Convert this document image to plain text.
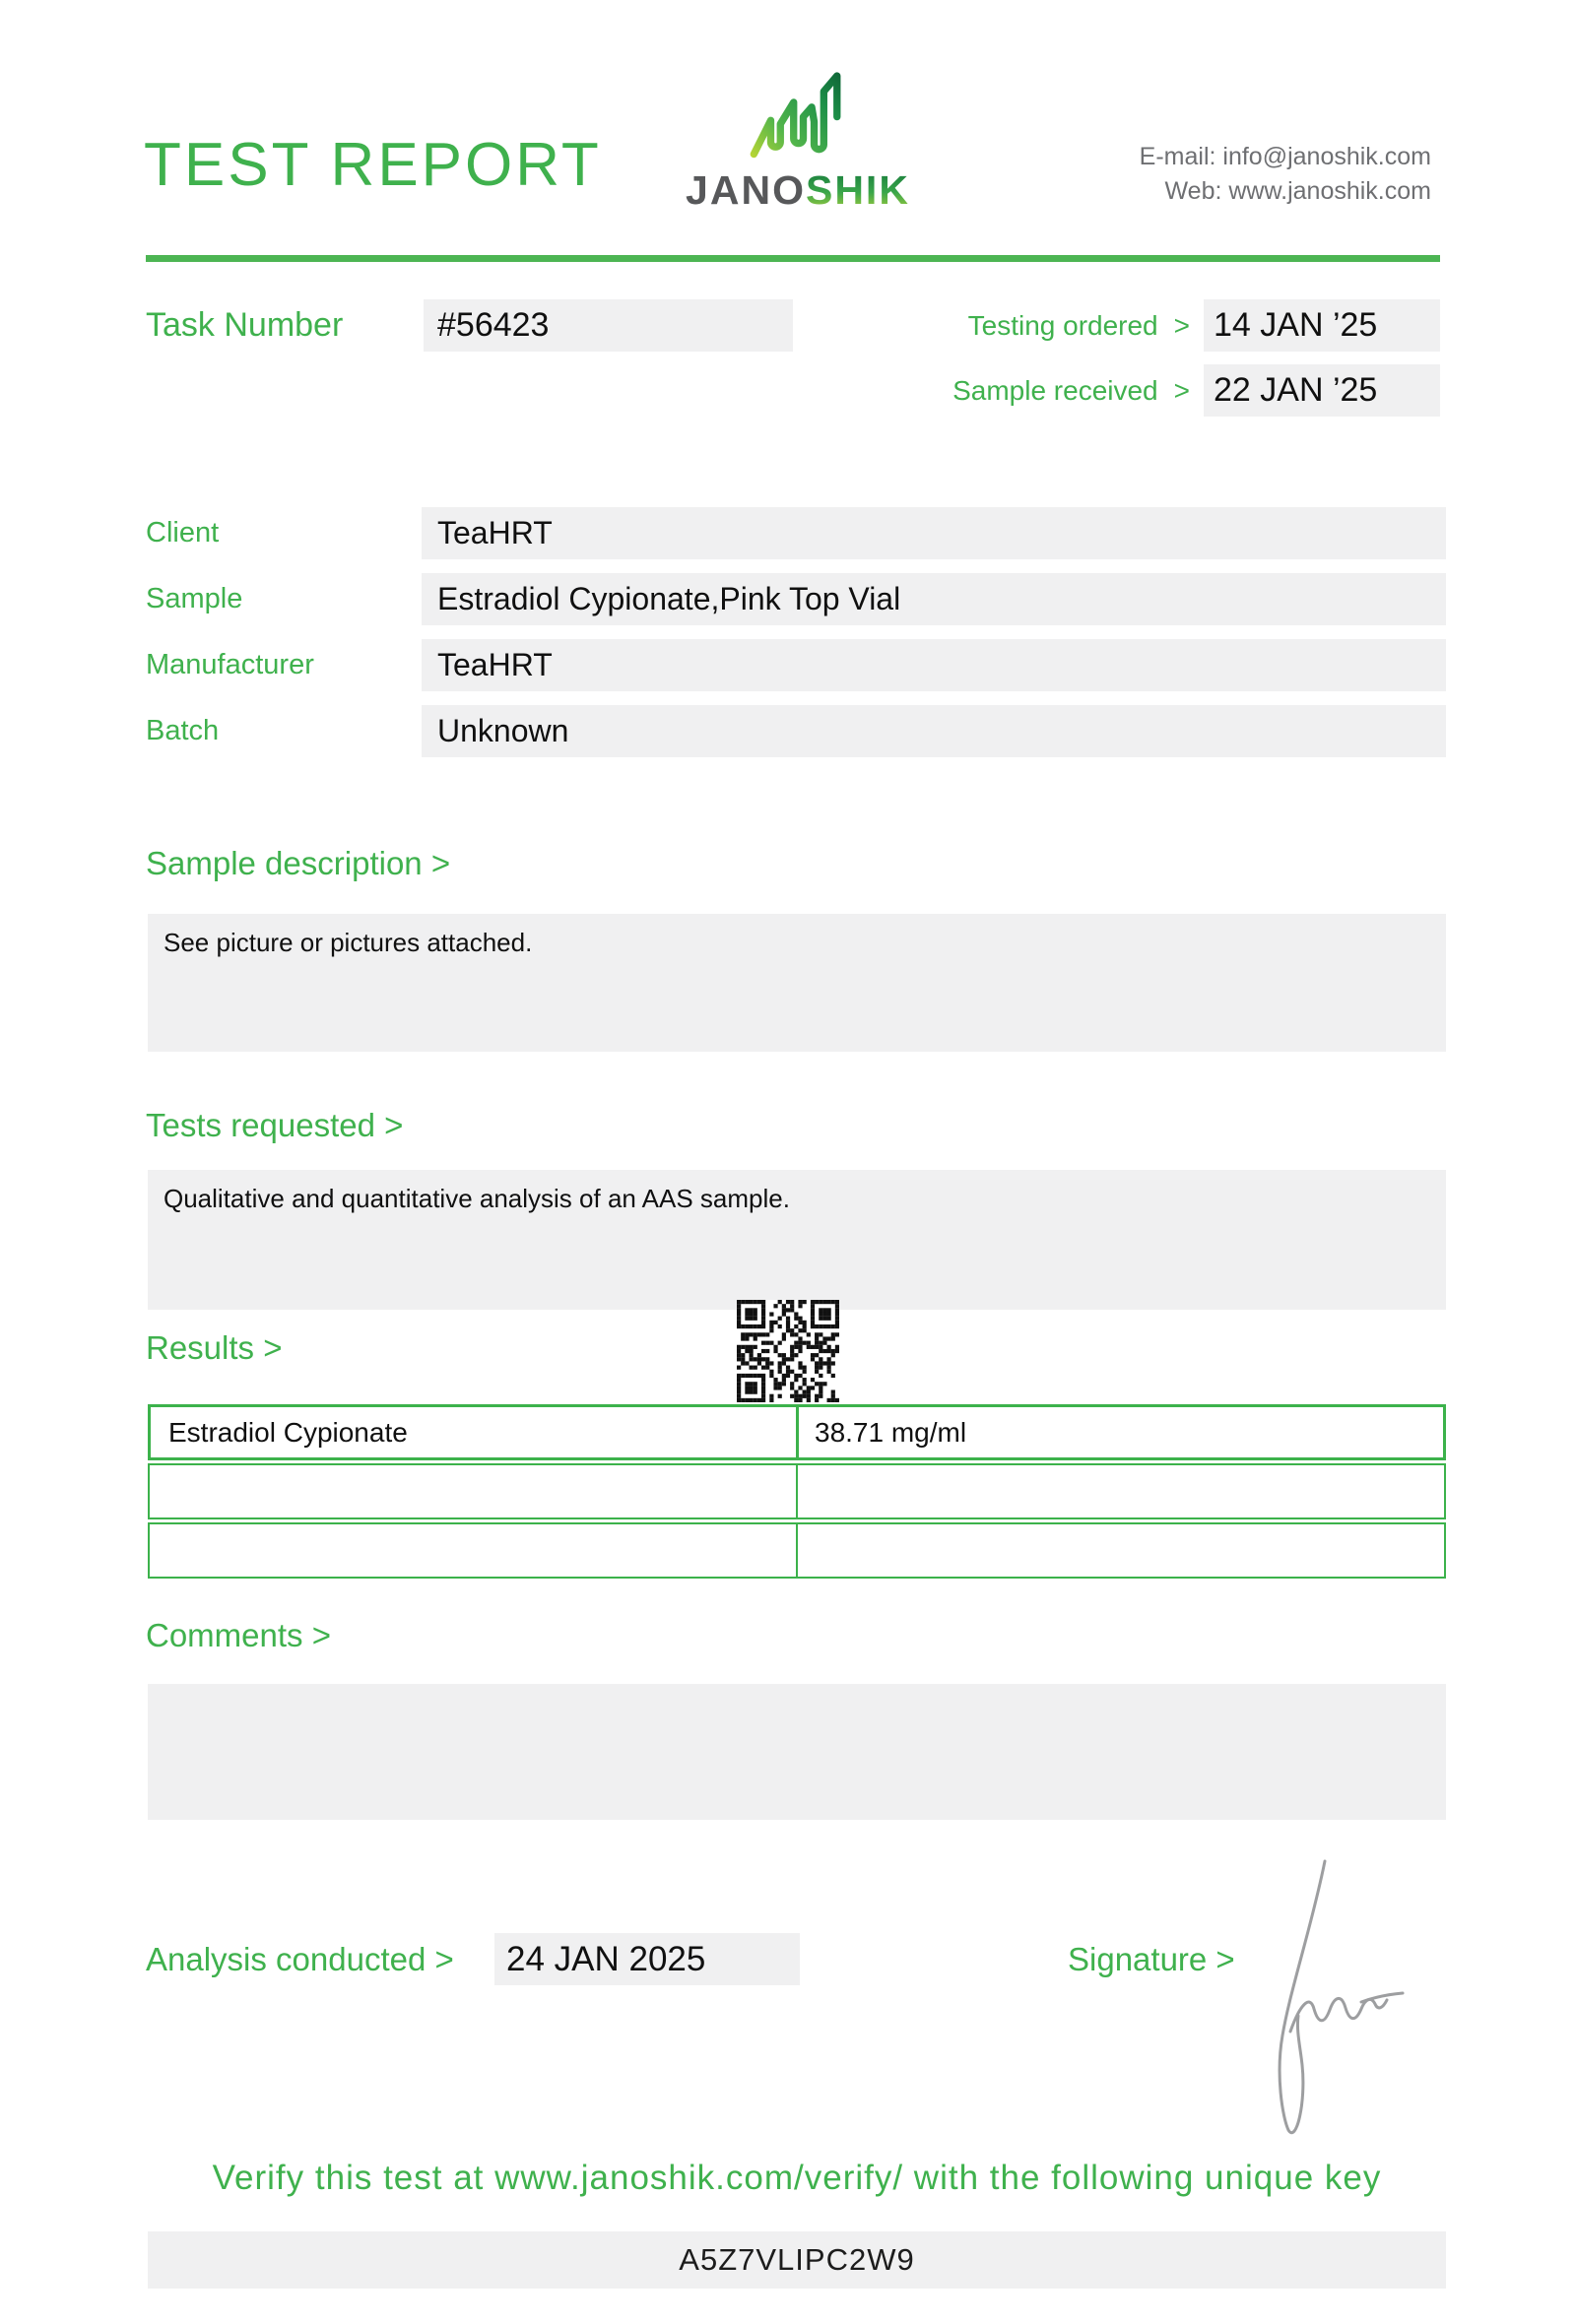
TEST REPORT JANOSHIK
E-mail: info@janoshik.com
Web: www.janoshik.com
Task Number	#56423	Testing ordered > 14 JAN ’25
Sample received > 22 JAN ’25
Client	TeaHRT
Sample	Estradiol Cypionate,Pink Top Vial
Manufacturer	TeaHRT
Batch	Unknown
Sample description >
See picture or pictures attached.
Tests requested >
Qualitative and quantitative analysis of an AAS sample.
Results >
Estradiol Cypionate	38.71 mg/ml
Comments >
Analysis conducted >	24 JAN 2025	Signature >
Verify this test at www.janoshik.com/verify/ with the following unique key
A5Z7VLIPC2W9
